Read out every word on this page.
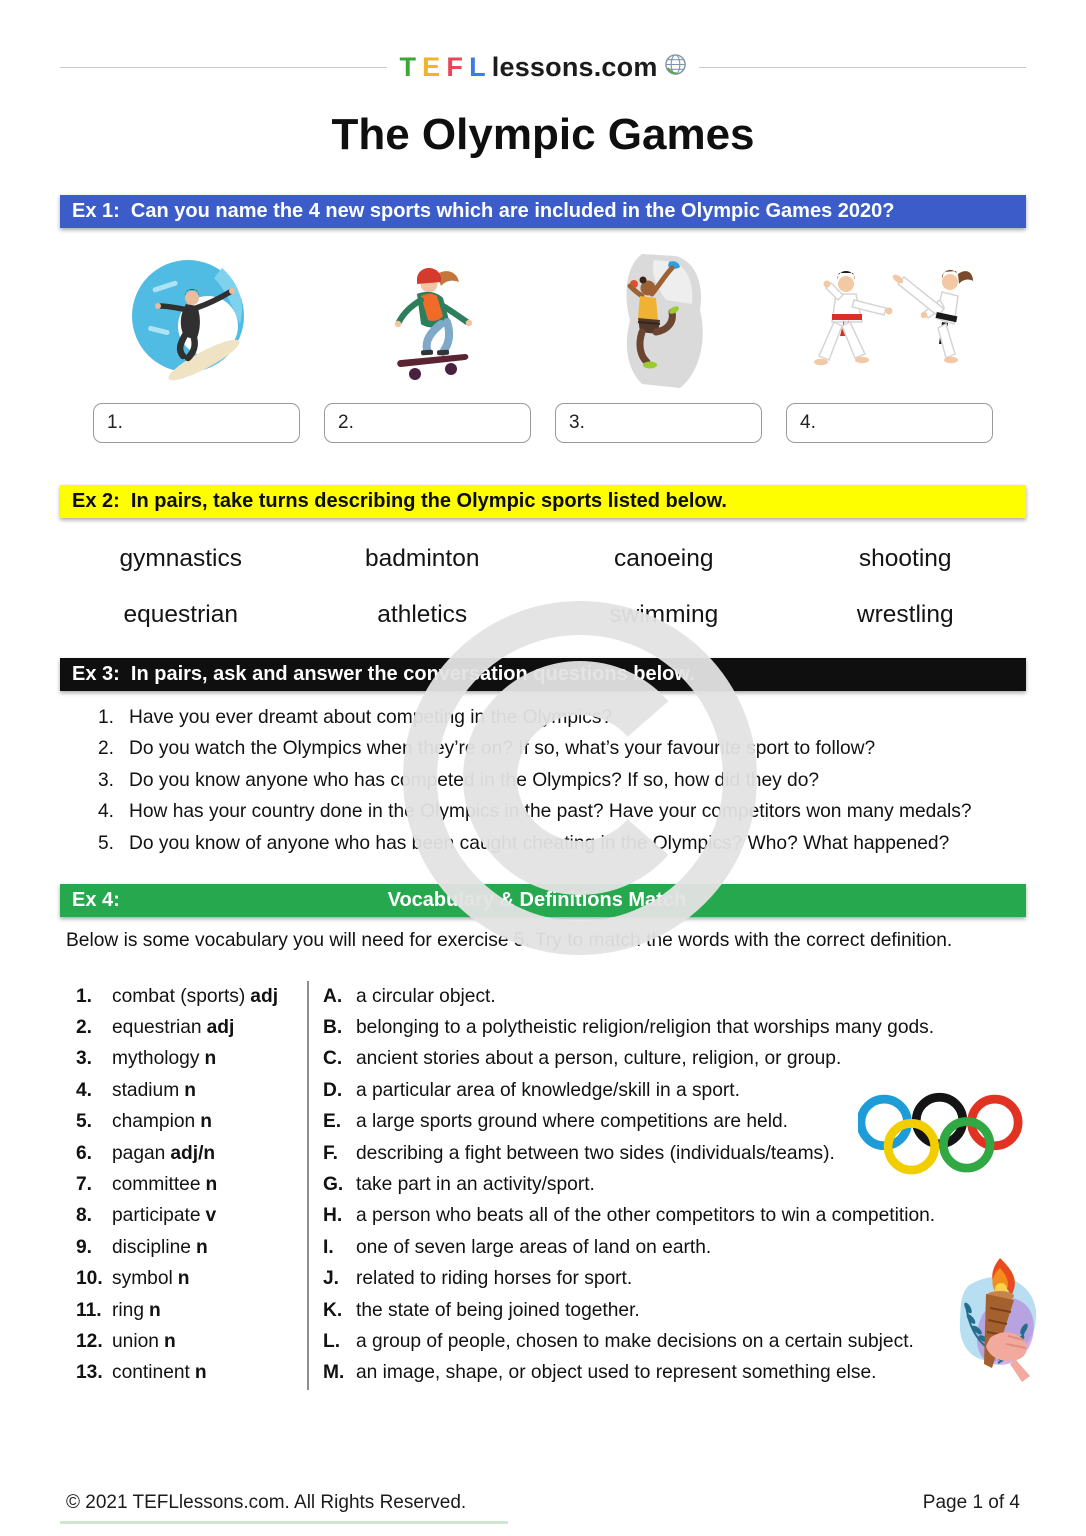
T E F L lessons.com
The Olympic Games
Ex 1:  Can you name the 4 new sports which are included in the Olympic Games 2020?
1.	2.	3.	4.
Ex 2:  In pairs, take turns describing the Olympic sports listed below.
gymnastics	badminton	canoeing	shooting
equestrian	athletics	swimming	wrestling
Ex 3:  In pairs, ask and answer the conversation questions below.
1. Have you ever dreamt about competing in the Olympics?
2. Do you watch the Olympics when they’re on? If so, what’s your favourite sport to follow?
3. Do you know anyone who has competed in the Olympics? If so, how did they do?
4. How has your country done in the Olympics in the past? Have your competitors won many medals?
5. Do you know of anyone who has been caught cheating in the Olympics? Who? What happened?
Ex 4:	Vocabulary & Definitions Match
Below is some vocabulary you will need for exercise 5. Try to match the words with the correct definition.
1.	combat (sports) adj
2.	equestrian adj
3.	mythology n
4.	stadium n
5.	champion n
6.	pagan adj/n
7.	committee n
8.	participate v
9.	discipline n
10. symbol n
11. ring n
12. union n
13. continent n
A. a circular object.
B. belonging to a polytheistic religion/religion that worships many gods.
C. ancient stories about a person, culture, religion, or group.
D. a particular area of knowledge/skill in a sport.
E. a large sports ground where competitions are held.
F. describing a fight between two sides (individuals/teams).
G. take part in an activity/sport.
H. a person who beats all of the other competitors to win a competition.
I.	one of seven large areas of land on earth.
J. related to riding horses for sport.
K. the state of being joined together.
L. a group of people, chosen to make decisions on a certain subject.
M. an image, shape, or object used to represent something else.
© 2021 TEFLlessons.com. All Rights Reserved.	Page 1 of 4
